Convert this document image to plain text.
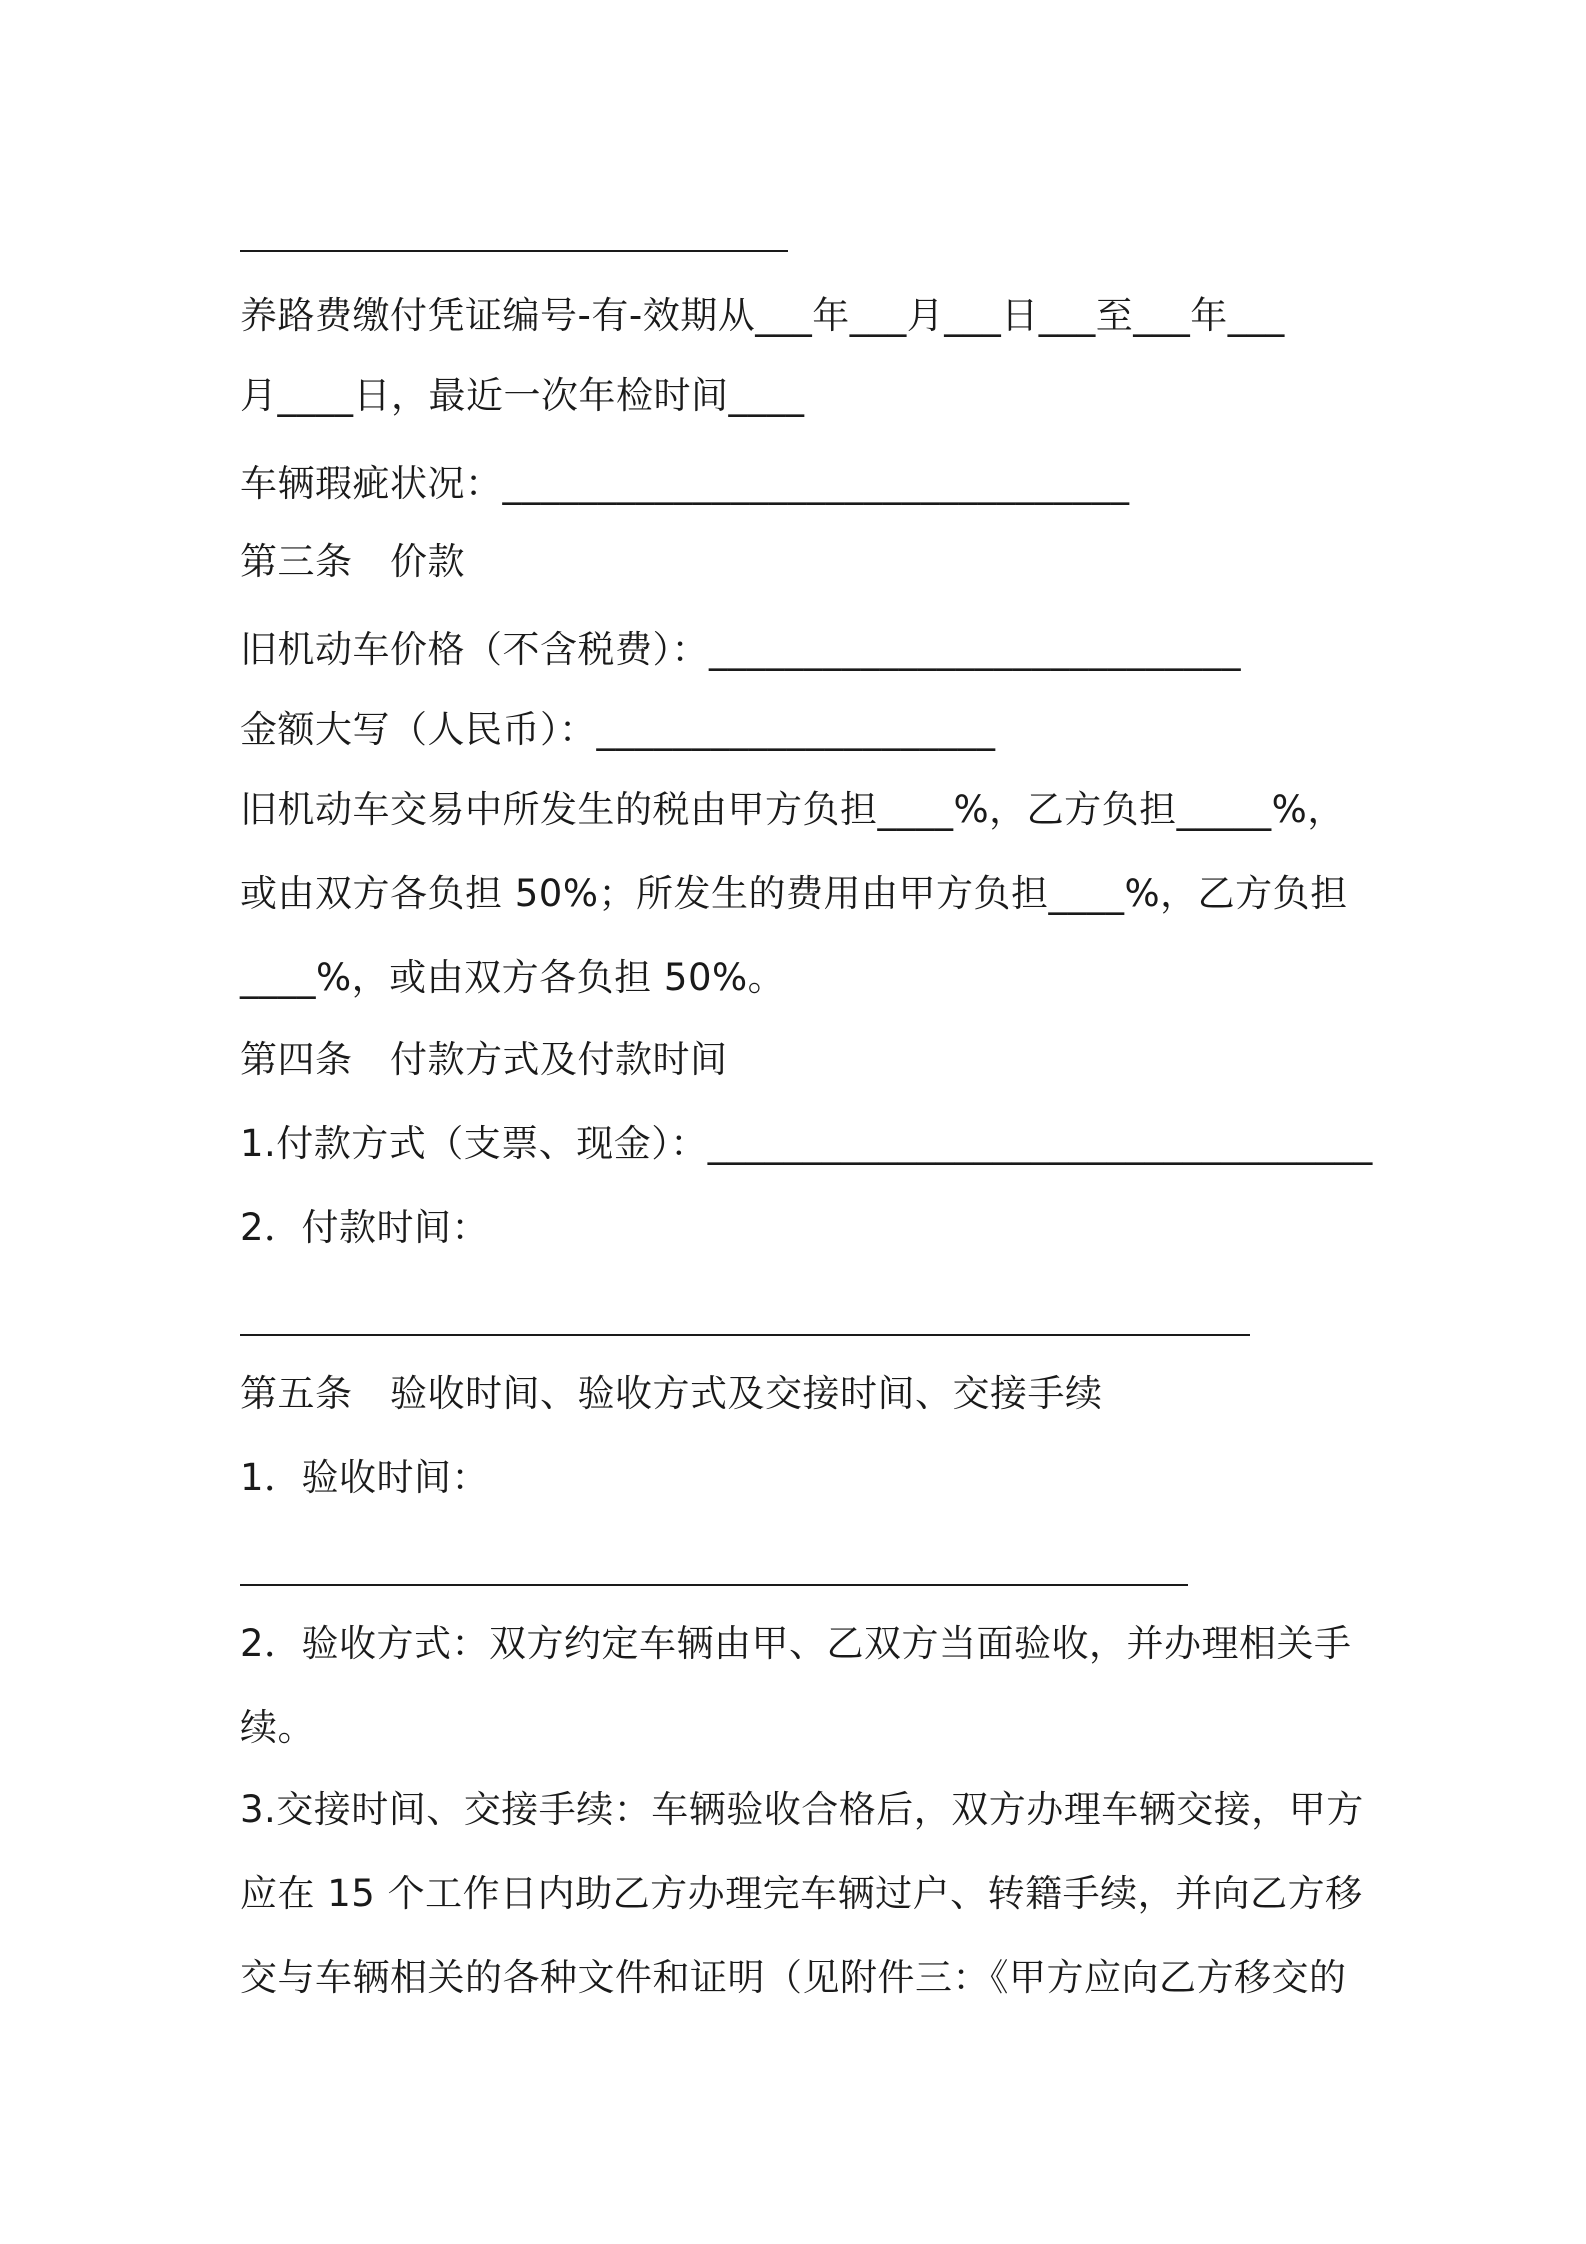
养路费缴付凭证编号-有-效期从___年___月___日___至___年___
月____日，最近一次年检时间____
车辆瑕疵状况：_________________________________
第三条　价款
旧机动车价格（不含税费）：____________________________
金额大写（人民币）：_____________________
旧机动车交易中所发生的税由甲方负担____%，乙方负担_____%，
或由双方各负担 50%；所发生的费用由甲方负担____%，乙方负担
____%，或由双方各负担 50%。
第四条　付款方式及付款时间
1.付款方式（支票、现金）：___________________________________
2．付款时间：
第五条　验收时间、验收方式及交接时间、交接手续
1．验收时间：
2．验收方式：双方约定车辆由甲、乙双方当面验收，并办理相关手
续。
3.交接时间、交接手续：车辆验收合格后，双方办理车辆交接，甲方
应在 15 个工作日内助乙方办理完车辆过户、转籍手续，并向乙方移
交与车辆相关的各种文件和证明（见附件三：《甲方应向乙方移交的
